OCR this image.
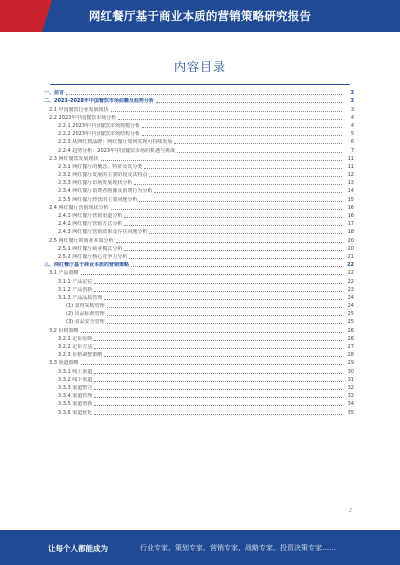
网红餐厅基于商业本质的营销策略研究报告
内容目录
一、前言	3
二、2023-2028年中国餐饮市场前瞻及趋势分析	3
2.1 中国餐饮行业发展现状	3
2.2 2023年中国餐饮市场分析	4
2.2.1 2023年中国餐饮市场规模分析	4
2.2.2 2023年中国餐饮市场结构分析	5
2.2.3 从网红到品牌：网红餐厅如何实现可持续发展	6
2.2.4 趋势分析：2023年中国餐饮市场的机遇与挑战	7
2.3 网红餐饮发展现状	11
2.3.1 网红餐厅的概念、特征及其分类	11
2.3.2 网红餐厅发展的主要阶段及其特点	12
2.3.3 网红餐厅市场发展现状分析	13
2.3.4 网红餐厅消费者画像及消费行为分析	14
2.3.5 网红餐厅经营的主要问题分析	15
2.4 网红餐厅营销现状分析	16
2.4.1 网红餐厅营销渠道分析	16
2.4.2 网红餐厅营销方式分析	17
2.4.3 网红餐厅营销效果及存在问题分析	18
2.5 网红餐厅的商业本质分析	20
2.5.1 网红餐厅商业模式分析	20
2.5.2 网红餐厅核心竞争力分析	21
三、网红餐厅基于商业本质的营销策略	22
3.1 产品策略	22
3.1.1 产品定位	22
3.1.2 产品创新	23
3.1.3 产品品质管理	24
(1) 食材采购管理	24
(2) 出品标准管理	25
(3) 食品安全管理	25
3.2 价格策略	26
3.2.1 定价原则	26
3.2.2 定价方法	27
3.2.3 价格调整策略	28
3.3 渠道策略	29
3.3.1 线上渠道	30
3.3.2 线下渠道	31
3.3.3 渠道整合	32
3.3.4 渠道管理	33
3.3.5 渠道创新	34
3.3.6 渠道优化	35
2
让每个人都能成为	行业专家、策划专家、营销专家、战略专家、投资决策专家……
